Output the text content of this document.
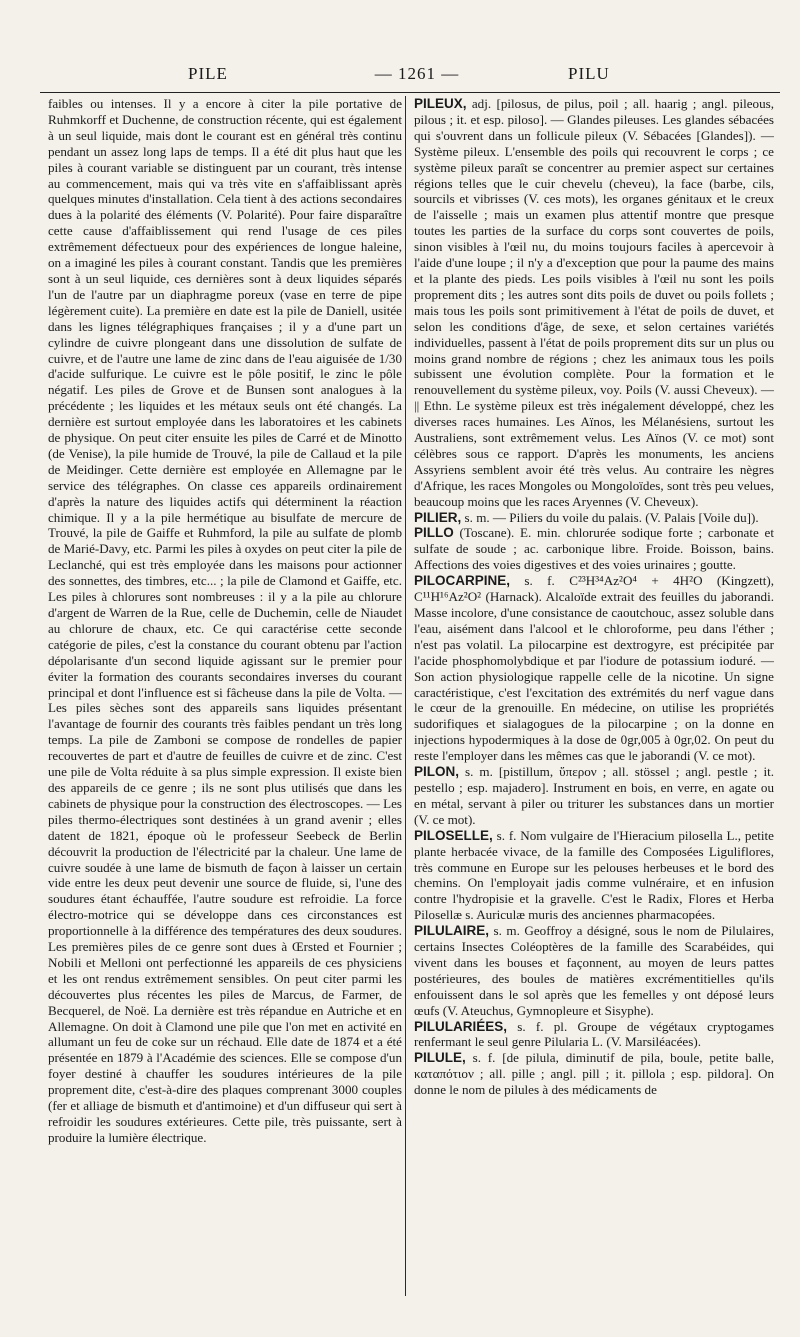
PILE	— 1261 —	PILU

faibles ou intenses. Il y a encore à citer la pile portative de Ruhmkorff et Duchenne, de construction récente, qui est également à un seul liquide, mais dont le courant est en général très continu pendant un assez long laps de temps. Il a été dit plus haut que les piles à courant variable se distinguent par un courant, très intense au commencement, mais qui va très vite en s'affaiblissant après quelques minutes d'installation. Cela tient à des actions secondaires dues à la polarité des éléments (V. Polarité). Pour faire disparaître cette cause d'affaiblissement qui rend l'usage de ces piles extrêmement défectueux pour des expériences de longue haleine, on a imaginé les piles à courant constant. Tandis que les premières sont à un seul liquide, ces dernières sont à deux liquides séparés l'un de l'autre par un diaphragme poreux (vase en terre de pipe légèrement cuite). La première en date est la pile de Daniell, usitée dans les lignes télégraphiques françaises ; il y a d'une part un cylindre de cuivre plongeant dans une dissolution de sulfate de cuivre, et de l'autre une lame de zinc dans de l'eau aiguisée de 1/30 d'acide sulfurique. Le cuivre est le pôle positif, le zinc le pôle négatif. Les piles de Grove et de Bunsen sont analogues à la précédente ; les liquides et les métaux seuls ont été changés. La dernière est surtout employée dans les laboratoires et les cabinets de physique. On peut citer ensuite les piles de Carré et de Minotto (de Venise), la pile humide de Trouvé, la pile de Callaud et la pile de Meidinger. Cette dernière est employée en Allemagne par le service des télégraphes. On classe ces appareils ordinairement d'après la nature des liquides actifs qui déterminent la réaction chimique. Il y a la pile hermétique au bisulfate de mercure de Trouvé, la pile de Gaiffe et Ruhmford, la pile au sulfate de plomb de Marié-Davy, etc. Parmi les piles à oxydes on peut citer la pile de Leclanché, qui est très employée dans les maisons pour actionner des sonnettes, des timbres, etc... ; la pile de Clamond et Gaiffe, etc. Les piles à chlorures sont nombreuses : il y a la pile au chlorure d'argent de Warren de la Rue, celle de Duchemin, celle de Niaudet au chlorure de chaux, etc. Ce qui caractérise cette seconde catégorie de piles, c'est la constance du courant obtenu par l'action dépolarisante d'un second liquide agissant sur le premier pour éviter la formation des courants secondaires inverses du courant principal et dont l'influence est si fâcheuse dans la pile de Volta. — Les piles sèches sont des appareils sans liquides présentant l'avantage de fournir des courants très faibles pendant un très long temps. La pile de Zamboni se compose de rondelles de papier recouvertes de part et d'autre de feuilles de cuivre et de zinc. C'est une pile de Volta réduite à sa plus simple expression. Il existe bien des appareils de ce genre ; ils ne sont plus utilisés que dans les cabinets de physique pour la construction des électroscopes. — Les piles thermo-électriques sont destinées à un grand avenir ; elles datent de 1821, époque où le professeur Seebeck de Berlin découvrit la production de l'électricité par la chaleur. Une lame de cuivre soudée à une lame de bismuth de façon à laisser un certain vide entre les deux peut devenir une source de fluide, si, l'une des soudures étant échauffée, l'autre soudure est refroidie. La force électro-motrice qui se développe dans ces circonstances est proportionnelle à la différence des températures des deux soudures. Les premières piles de ce genre sont dues à Œrsted et Fournier ; Nobili et Melloni ont perfectionné les appareils de ces physiciens et les ont rendus extrêmement sensibles. On peut citer parmi les découvertes plus récentes les piles de Marcus, de Farmer, de Becquerel, de Noë. La dernière est très répandue en Autriche et en Allemagne. On doit à Clamond une pile que l'on met en activité en allumant un feu de coke sur un réchaud. Elle date de 1874 et a été présentée en 1879 à l'Académie des sciences. Elle se compose d'un foyer destiné à chauffer les soudures intérieures de la pile proprement dite, c'est-à-dire des plaques comprenant 3000 couples (fer et alliage de bismuth et d'antimoine) et d'un diffuseur qui sert à refroidir les soudures extérieures. Cette pile, très puissante, sert à produire la lumière électrique.

PILEUX, adj. [pilosus, de pilus, poil ; all. haarig ; angl. pileous, pilous ; it. et esp. piloso]. — Glandes pileuses. Les glandes sébacées qui s'ouvrent dans un follicule pileux (V. Sébacées [Glandes]). — Système pileux. L'ensemble des poils qui recouvrent le corps ; ce système pileux paraît se concentrer au premier aspect sur certaines régions telles que le cuir chevelu (cheveu), la face (barbe, cils, sourcils et vibrisses (V. ces mots), les organes génitaux et le creux de l'aisselle ; mais un examen plus attentif montre que presque toutes les parties de la surface du corps sont couvertes de poils, sinon visibles à l'œil nu, du moins toujours faciles à apercevoir à l'aide d'une loupe ; il n'y a d'exception que pour la paume des mains et la plante des pieds. Les poils visibles à l'œil nu sont les poils proprement dits ; les autres sont dits poils de duvet ou poils follets ; mais tous les poils sont primitivement à l'état de poils de duvet, et selon les conditions d'âge, de sexe, et selon certaines variétés individuelles, passent à l'état de poils proprement dits sur un plus ou moins grand nombre de régions ; chez les animaux tous les poils subissent une évolution complète. Pour la formation et le renouvellement du système pileux, voy. Poils (V. aussi Cheveux). — || Ethn. Le système pileux est très inégalement développé, chez les diverses races humaines. Les Aïnos, les Mélanésiens, surtout les Australiens, sont extrêmement velus. Les Aïnos (V. ce mot) sont célèbres sous ce rapport. D'après les monuments, les anciens Assyriens semblent avoir été très velus. Au contraire les nègres d'Afrique, les races Mongoles ou Mongoloïdes, sont très peu velues, beaucoup moins que les races Aryennes (V. Cheveux).

PILIER, s. m. — Piliers du voile du palais. (V. Palais [Voile du]).

PILLO (Toscane). E. min. chlorurée sodique forte ; carbonate et sulfate de soude ; ac. carbonique libre. Froide. Boisson, bains. Affections des voies digestives et des voies urinaires ; goutte.

PILOCARPINE, s. f. C²³H³⁴Az²O⁴ + 4H²O (Kingzett), C¹¹H¹⁶Az²O² (Harnack). Alcaloïde extrait des feuilles du jaborandi. Masse incolore, d'une consistance de caoutchouc, assez soluble dans l'eau, aisément dans l'alcool et le chloroforme, peu dans l'éther ; n'est pas volatil. La pilocarpine est dextrogyre, est précipitée par l'acide phosphomolybdique et par l'iodure de potassium ioduré. — Son action physiologique rappelle celle de la nicotine. Un signe caractéristique, c'est l'excitation des extrémités du nerf vague dans le cœur de la grenouille. En médecine, on utilise les propriétés sudorifiques et sialagogues de la pilocarpine ; on la donne en injections hypodermiques à la dose de 0gr,005 à 0gr,02. On peut du reste l'employer dans les mêmes cas que le jaborandi (V. ce mot).

PILON, s. m. [pistillum, ὕπερον ; all. stössel ; angl. pestle ; it. pestello ; esp. majadero]. Instrument en bois, en verre, en agate ou en métal, servant à piler ou triturer les substances dans un mortier (V. ce mot).

PILOSELLE, s. f. Nom vulgaire de l'Hieracium pilosella L., petite plante herbacée vivace, de la famille des Composées Liguliflores, très commune en Europe sur les pelouses herbeuses et le bord des chemins. On l'employait jadis comme vulnéraire, et en infusion contre l'hydropisie et la gravelle. C'est le Radix, Flores et Herba Pilosellæ s. Auriculæ muris des anciennes pharmacopées.

PILULAIRE, s. m. Geoffroy a désigné, sous le nom de Pilulaires, certains Insectes Coléoptères de la famille des Scarabéides, qui vivent dans les bouses et façonnent, au moyen de leurs pattes postérieures, des boules de matières excrémentitielles qu'ils enfouissent dans le sol après que les femelles y ont déposé leurs œufs (V. Ateuchus, Gymnopleure et Sisyphe).

PILULARIÉES, s. f. pl. Groupe de végétaux cryptogames renfermant le seul genre Pilularia L. (V. Marsiléacées).

PILULE, s. f. [de pilula, diminutif de pila, boule, petite balle, καταπότιον ; all. pille ; angl. pill ; it. pillola ; esp. pildora]. On donne le nom de pilules à des médicaments de
